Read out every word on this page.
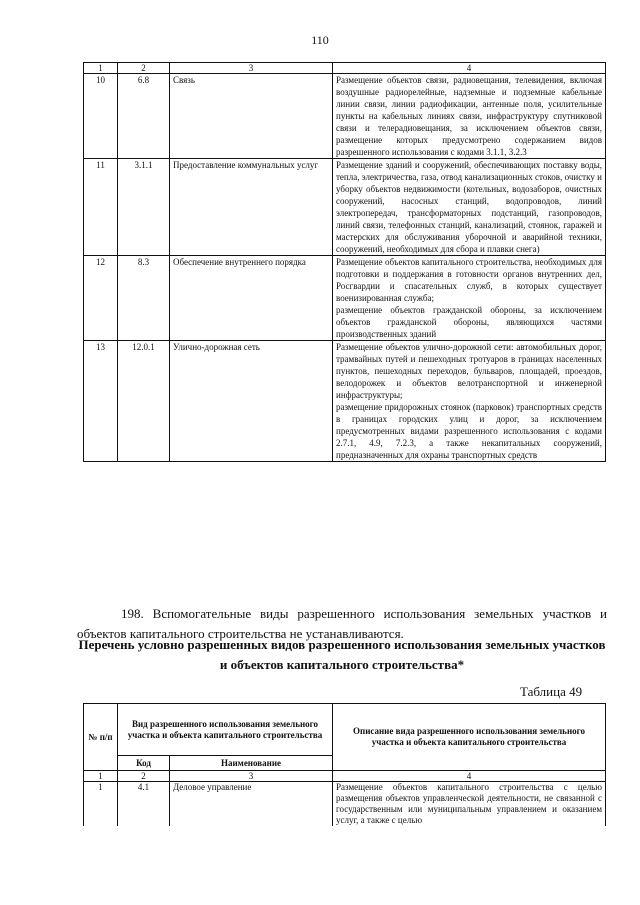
110
1	2	3	4
10	6.8	Связь	Размещение объектов связи, радиовещания, телевидения, включая воздушные радиорелейные, надземные и подземные кабельные линии связи, линии радиофикации, антенные поля, усилительные пункты на кабельных линиях связи, инфраструктуру спутниковой связи и телерадиовещания, за исключением объектов связи, размещение которых предусмотрено содержанием видов разрешенного использования с кодами 3.1.1, 3.2.3

11	3.1.1	Предоставление коммунальных услуг	Размещение зданий и сооружений, обеспечивающих поставку воды, тепла, электричества, газа, отвод канализационных стоков, очистку и уборку объектов недвижимости (котельных, водозаборов, очистных сооружений, насосных станций, водопроводов, линий электропередач, трансформаторных подстанций, газопроводов, линий связи, телефонных станций, канализаций, стоянок, гаражей и мастерских для обслуживания уборочной и аварийной техники, сооружений, необходимых для сбора и плавки снега)

12	8.3	Обеспечение внутреннего порядка	Размещение объектов капитального строительства, необходимых для подготовки и поддержания в готовности органов внутренних дел, Росгвардии и спасательных служб, в которых существует военизированная служба;

размещение объектов гражданской обороны, за исключением объектов гражданской обороны, являющихся частями производственных зданий

13	12.0.1	Улично-дорожная сеть	Размещение объектов улично-дорожной сети: автомобильных дорог, трамвайных путей и пешеходных тротуаров в границах населенных пунктов, пешеходных переходов, бульваров, площадей, проездов, велодорожек и объектов велотранспортной и инженерной инфраструктуры;

размещение придорожных стоянок (парковок) транспортных средств в границах городских улиц и дорог, за исключением предусмотренных видами разрешенного использования с кодами 2.7.1, 4.9, 7.2.3, а также некапитальных сооружений, предназначенных для охраны транспортных средств

198. Вспомогательные виды разрешенного использования земельных участков и объектов капитального строительства не устанавливаются.

Перечень условно разрешенных видов разрешенного использования земельных участков и объектов капитального строительства*

Таблица 49
№ п/п	Вид разрешенного использования земельного участка и объекта капитального строительства		Описание вида разрешенного использования земельного участка и объекта капитального строительства
	Код	Наименование	
1	2	3	4
1	4.1	Деловое управление	Размещение объектов капитального строительства с целью размещения объектов управленческой деятельности, не связанной с государственным или муниципальным управлением и оказанием услуг, а также с целью
